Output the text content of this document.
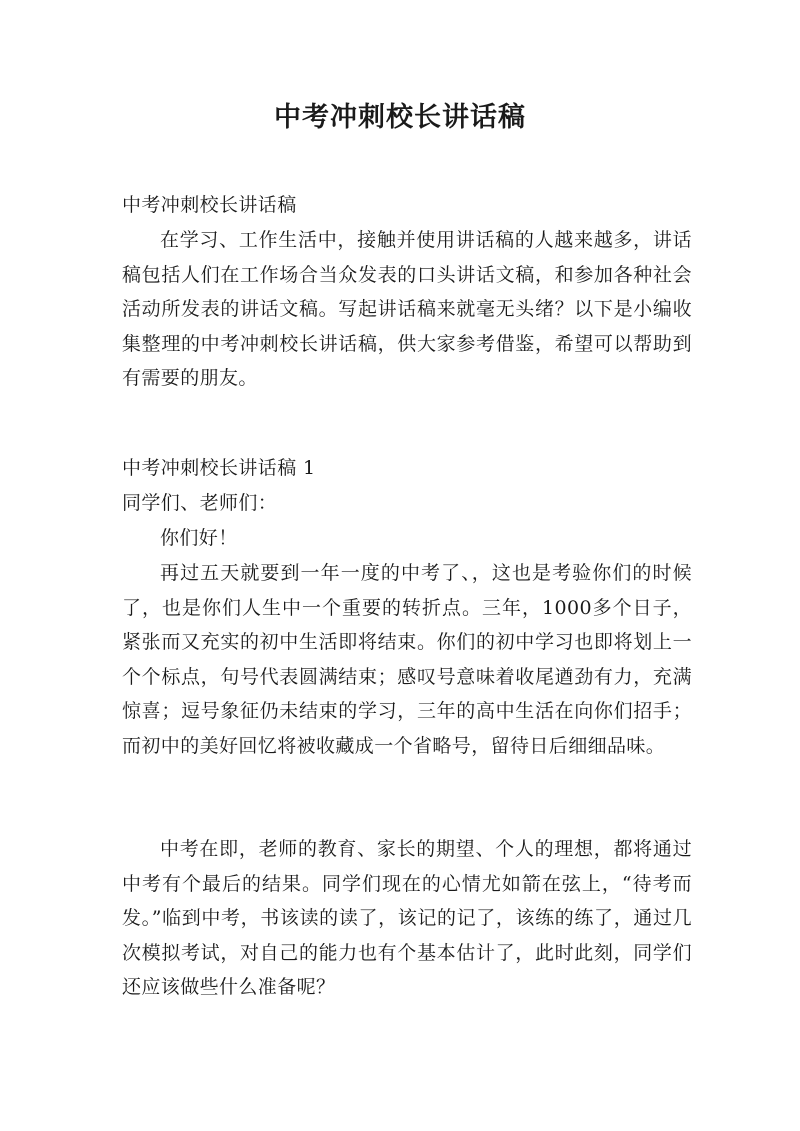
中考冲刺校长讲话稿

中考冲刺校长讲话稿

在学习、工作生活中，接触并使用讲话稿的人越来越多，讲话稿包括人们在工作场合当众发表的口头讲话文稿，和参加各种社会活动所发表的讲话文稿。写起讲话稿来就毫无头绪？以下是小编收集整理的中考冲刺校长讲话稿，供大家参考借鉴，希望可以帮助到有需要的朋友。

中考冲刺校长讲话稿 1

同学们、老师们：

你们好！

再过五天就要到一年一度的中考了、，这也是考验你们的时候了，也是你们人生中一个重要的转折点。三年，1000多个日子，紧张而又充实的初中生活即将结束。你们的初中学习也即将划上一个个标点，句号代表圆满结束；感叹号意味着收尾遒劲有力，充满惊喜；逗号象征仍未结束的学习，三年的高中生活在向你们招手；而初中的美好回忆将被收藏成一个省略号，留待日后细细品味。

中考在即，老师的教育、家长的期望、个人的理想，都将通过中考有个最后的结果。同学们现在的心情尤如箭在弦上，“待考而发。”临到中考，书该读的读了，该记的记了，该练的练了，通过几次模拟考试，对自己的能力也有个基本估计了，此时此刻，同学们还应该做些什么准备呢？
